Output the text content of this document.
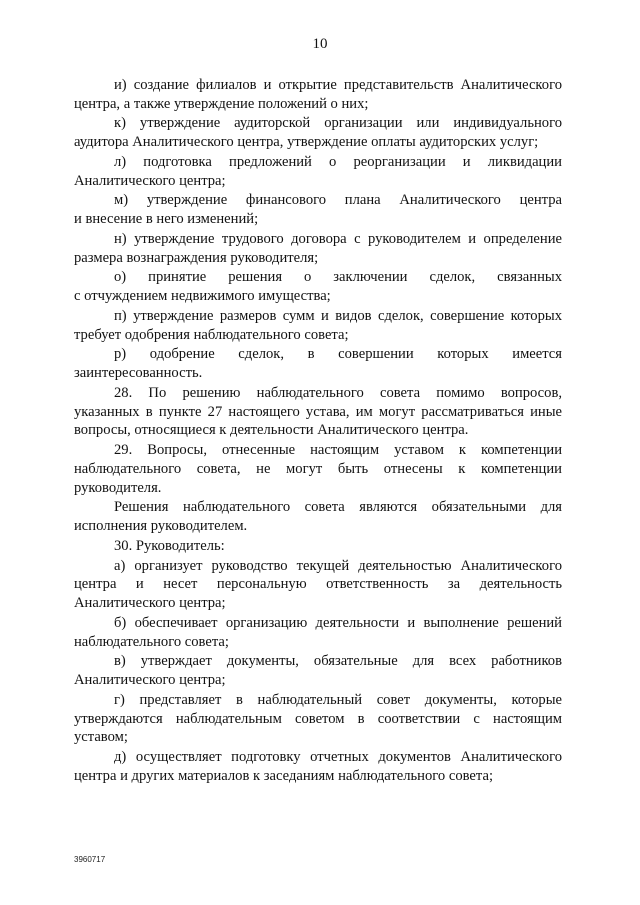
10
и) создание филиалов и открытие представительств Аналитического
центра, а также утверждение положений о них;
к) утверждение аудиторской организации или индивидуального
аудитора Аналитического центра, утверждение оплаты аудиторских услуг;
л) подготовка предложений о реорганизации и ликвидации
Аналитического центра;
м) утверждение финансового плана Аналитического центра
и внесение в него изменений;
н) утверждение трудового договора с руководителем и определение
размера вознаграждения руководителя;
о) принятие решения о заключении сделок, связанных
с отчуждением недвижимого имущества;
п) утверждение размеров сумм и видов сделок, совершение которых
требует одобрения наблюдательного совета;
р) одобрение сделок, в совершении которых имеется
заинтересованность.
28. По решению наблюдательного совета помимо вопросов,
указанных в пункте 27 настоящего устава, им могут рассматриваться иные
вопросы, относящиеся к деятельности Аналитического центра.
29. Вопросы, отнесенные настоящим уставом к компетенции
наблюдательного совета, не могут быть отнесены к компетенции
руководителя.
Решения наблюдательного совета являются обязательными для
исполнения руководителем.
30. Руководитель:
а) организует руководство текущей деятельностью Аналитического
центра и несет персональную ответственность за деятельность
Аналитического центра;
б) обеспечивает организацию деятельности и выполнение решений
наблюдательного совета;
в) утверждает документы, обязательные для всех работников
Аналитического центра;
г) представляет в наблюдательный совет документы, которые
утверждаются наблюдательным советом в соответствии с настоящим
уставом;
д) осуществляет подготовку отчетных документов Аналитического
центра и других материалов к заседаниям наблюдательного совета;
3960717
